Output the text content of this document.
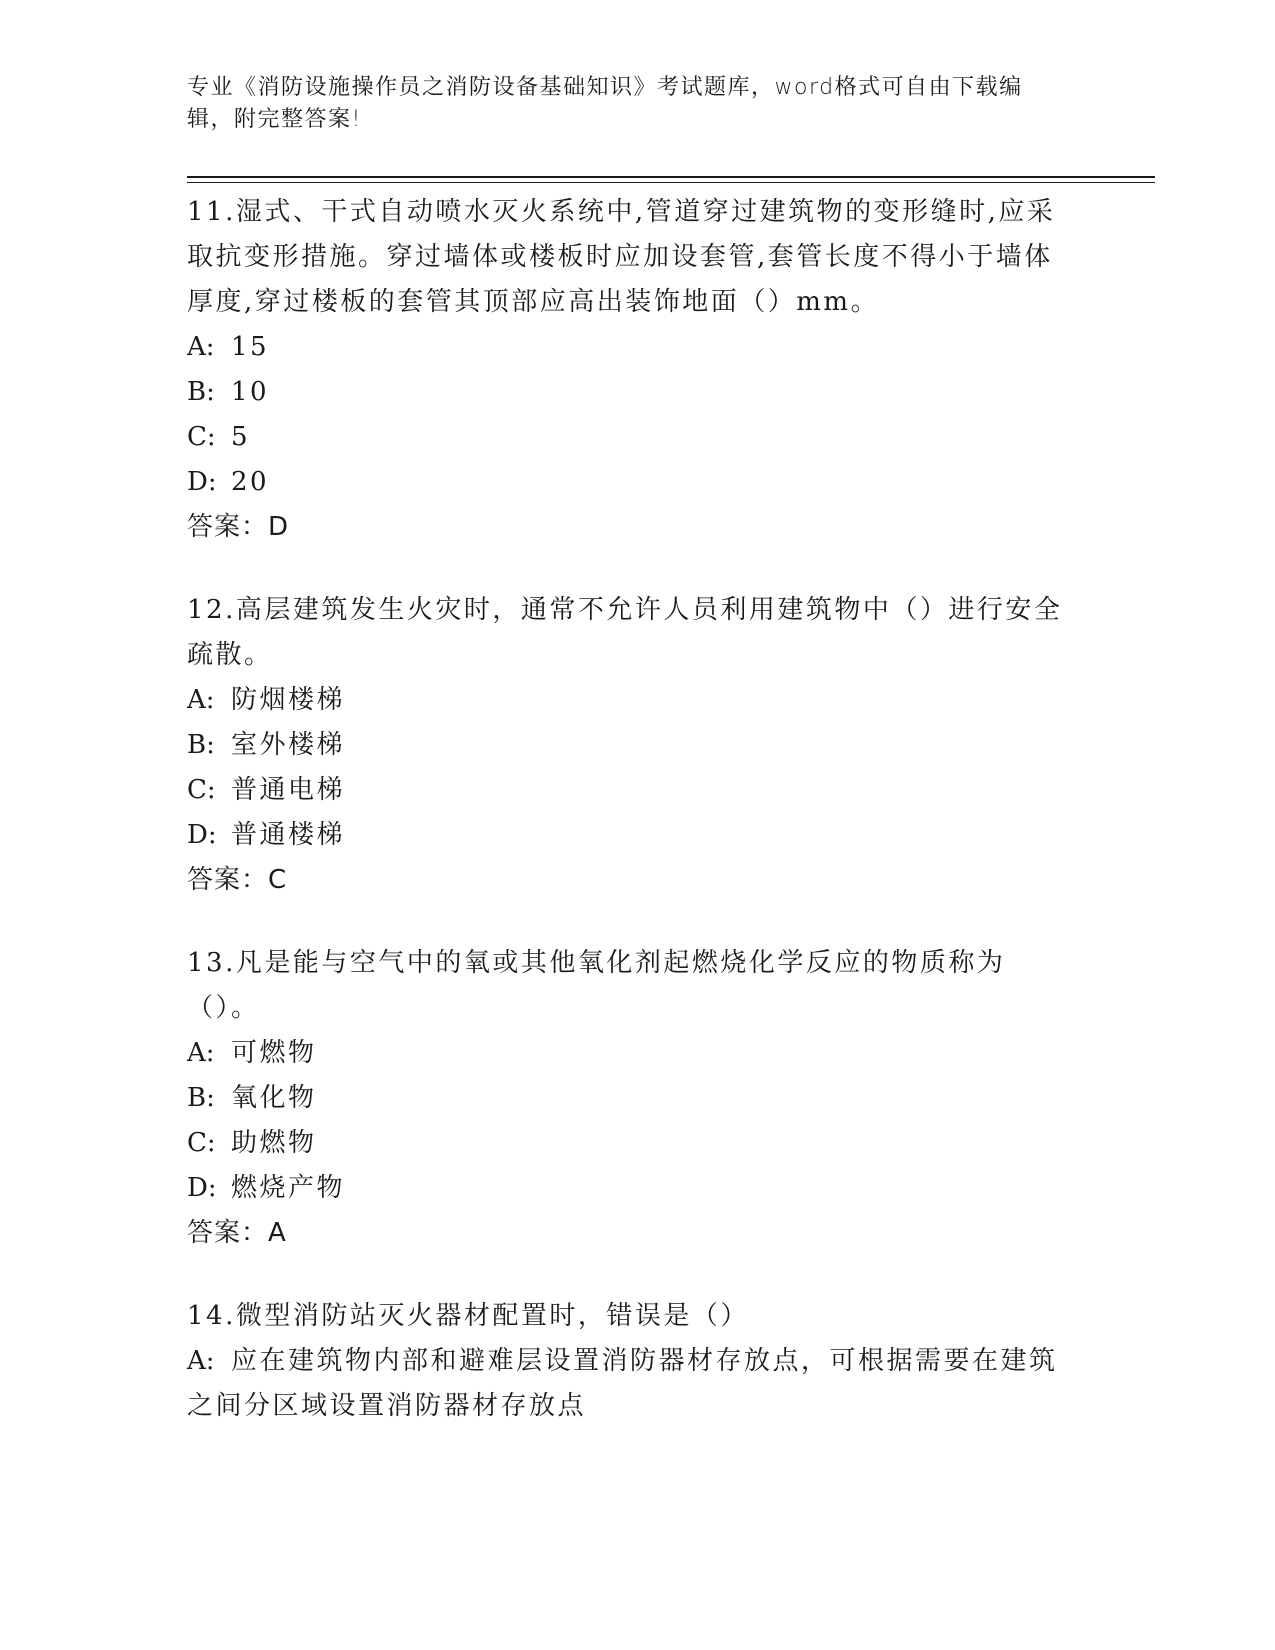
专业《消防设施操作员之消防设备基础知识》考试题库，word格式可自由下载编辑，附完整答案!
11.湿式、干式自动喷水灭火系统中,管道穿过建筑物的变形缝时,应采取抗变形措施。穿过墙体或楼板时应加设套管,套管长度不得小于墙体厚度,穿过楼板的套管其顶部应高出装饰地面（）mm。
A: 15
B: 10
C: 5
D: 20
答案：D
12.高层建筑发生火灾时，通常不允许人员利用建筑物中（）进行安全疏散。
A: 防烟楼梯
B: 室外楼梯
C: 普通电梯
D: 普通楼梯
答案：C
13.凡是能与空气中的氧或其他氧化剂起燃烧化学反应的物质称为（）。
A: 可燃物
B: 氧化物
C: 助燃物
D: 燃烧产物
答案：A
14.微型消防站灭火器材配置时，错误是（）
A: 应在建筑物内部和避难层设置消防器材存放点，可根据需要在建筑之间分区域设置消防器材存放点
